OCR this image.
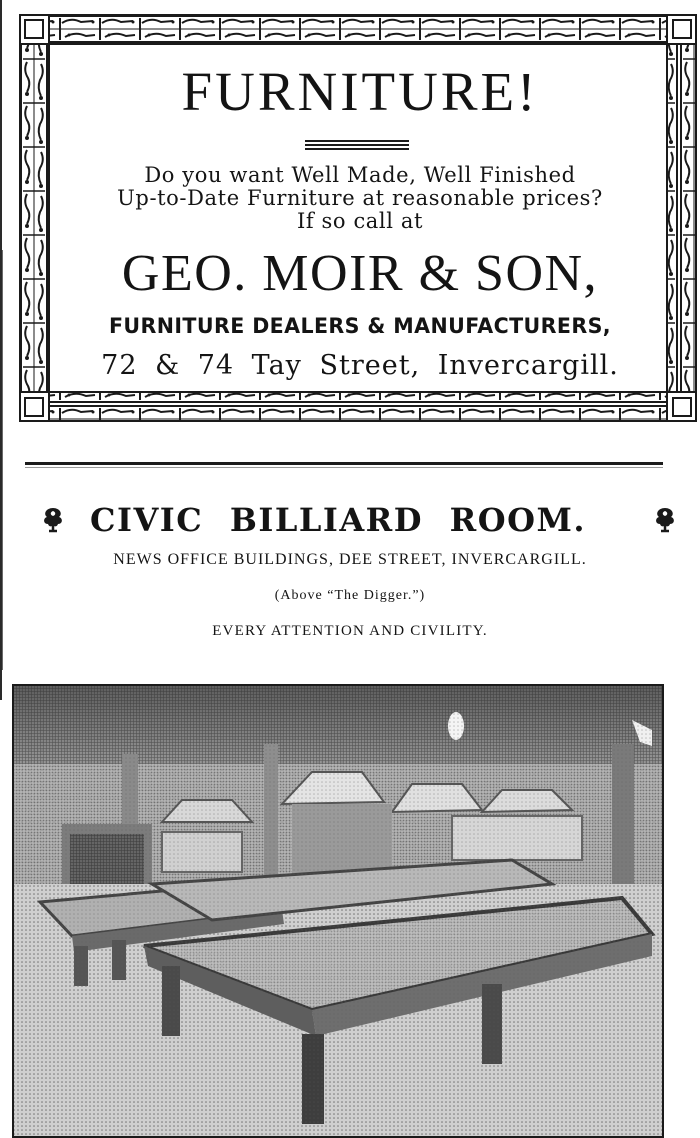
FURNITURE!
Do you want Well Made, Well Finished
Up-to-Date Furniture at reasonable prices?
If so call at
GEO. MOIR & SON,
FURNITURE DEALERS & MANUFACTURERS,
72 & 74 Tay Street, Invercargill.
CIVIC BILLIARD ROOM.
NEWS OFFICE BUILDINGS, DEE STREET, INVERCARGILL.
(Above “The Digger.”)
EVERY ATTENTION AND CIVILITY.
